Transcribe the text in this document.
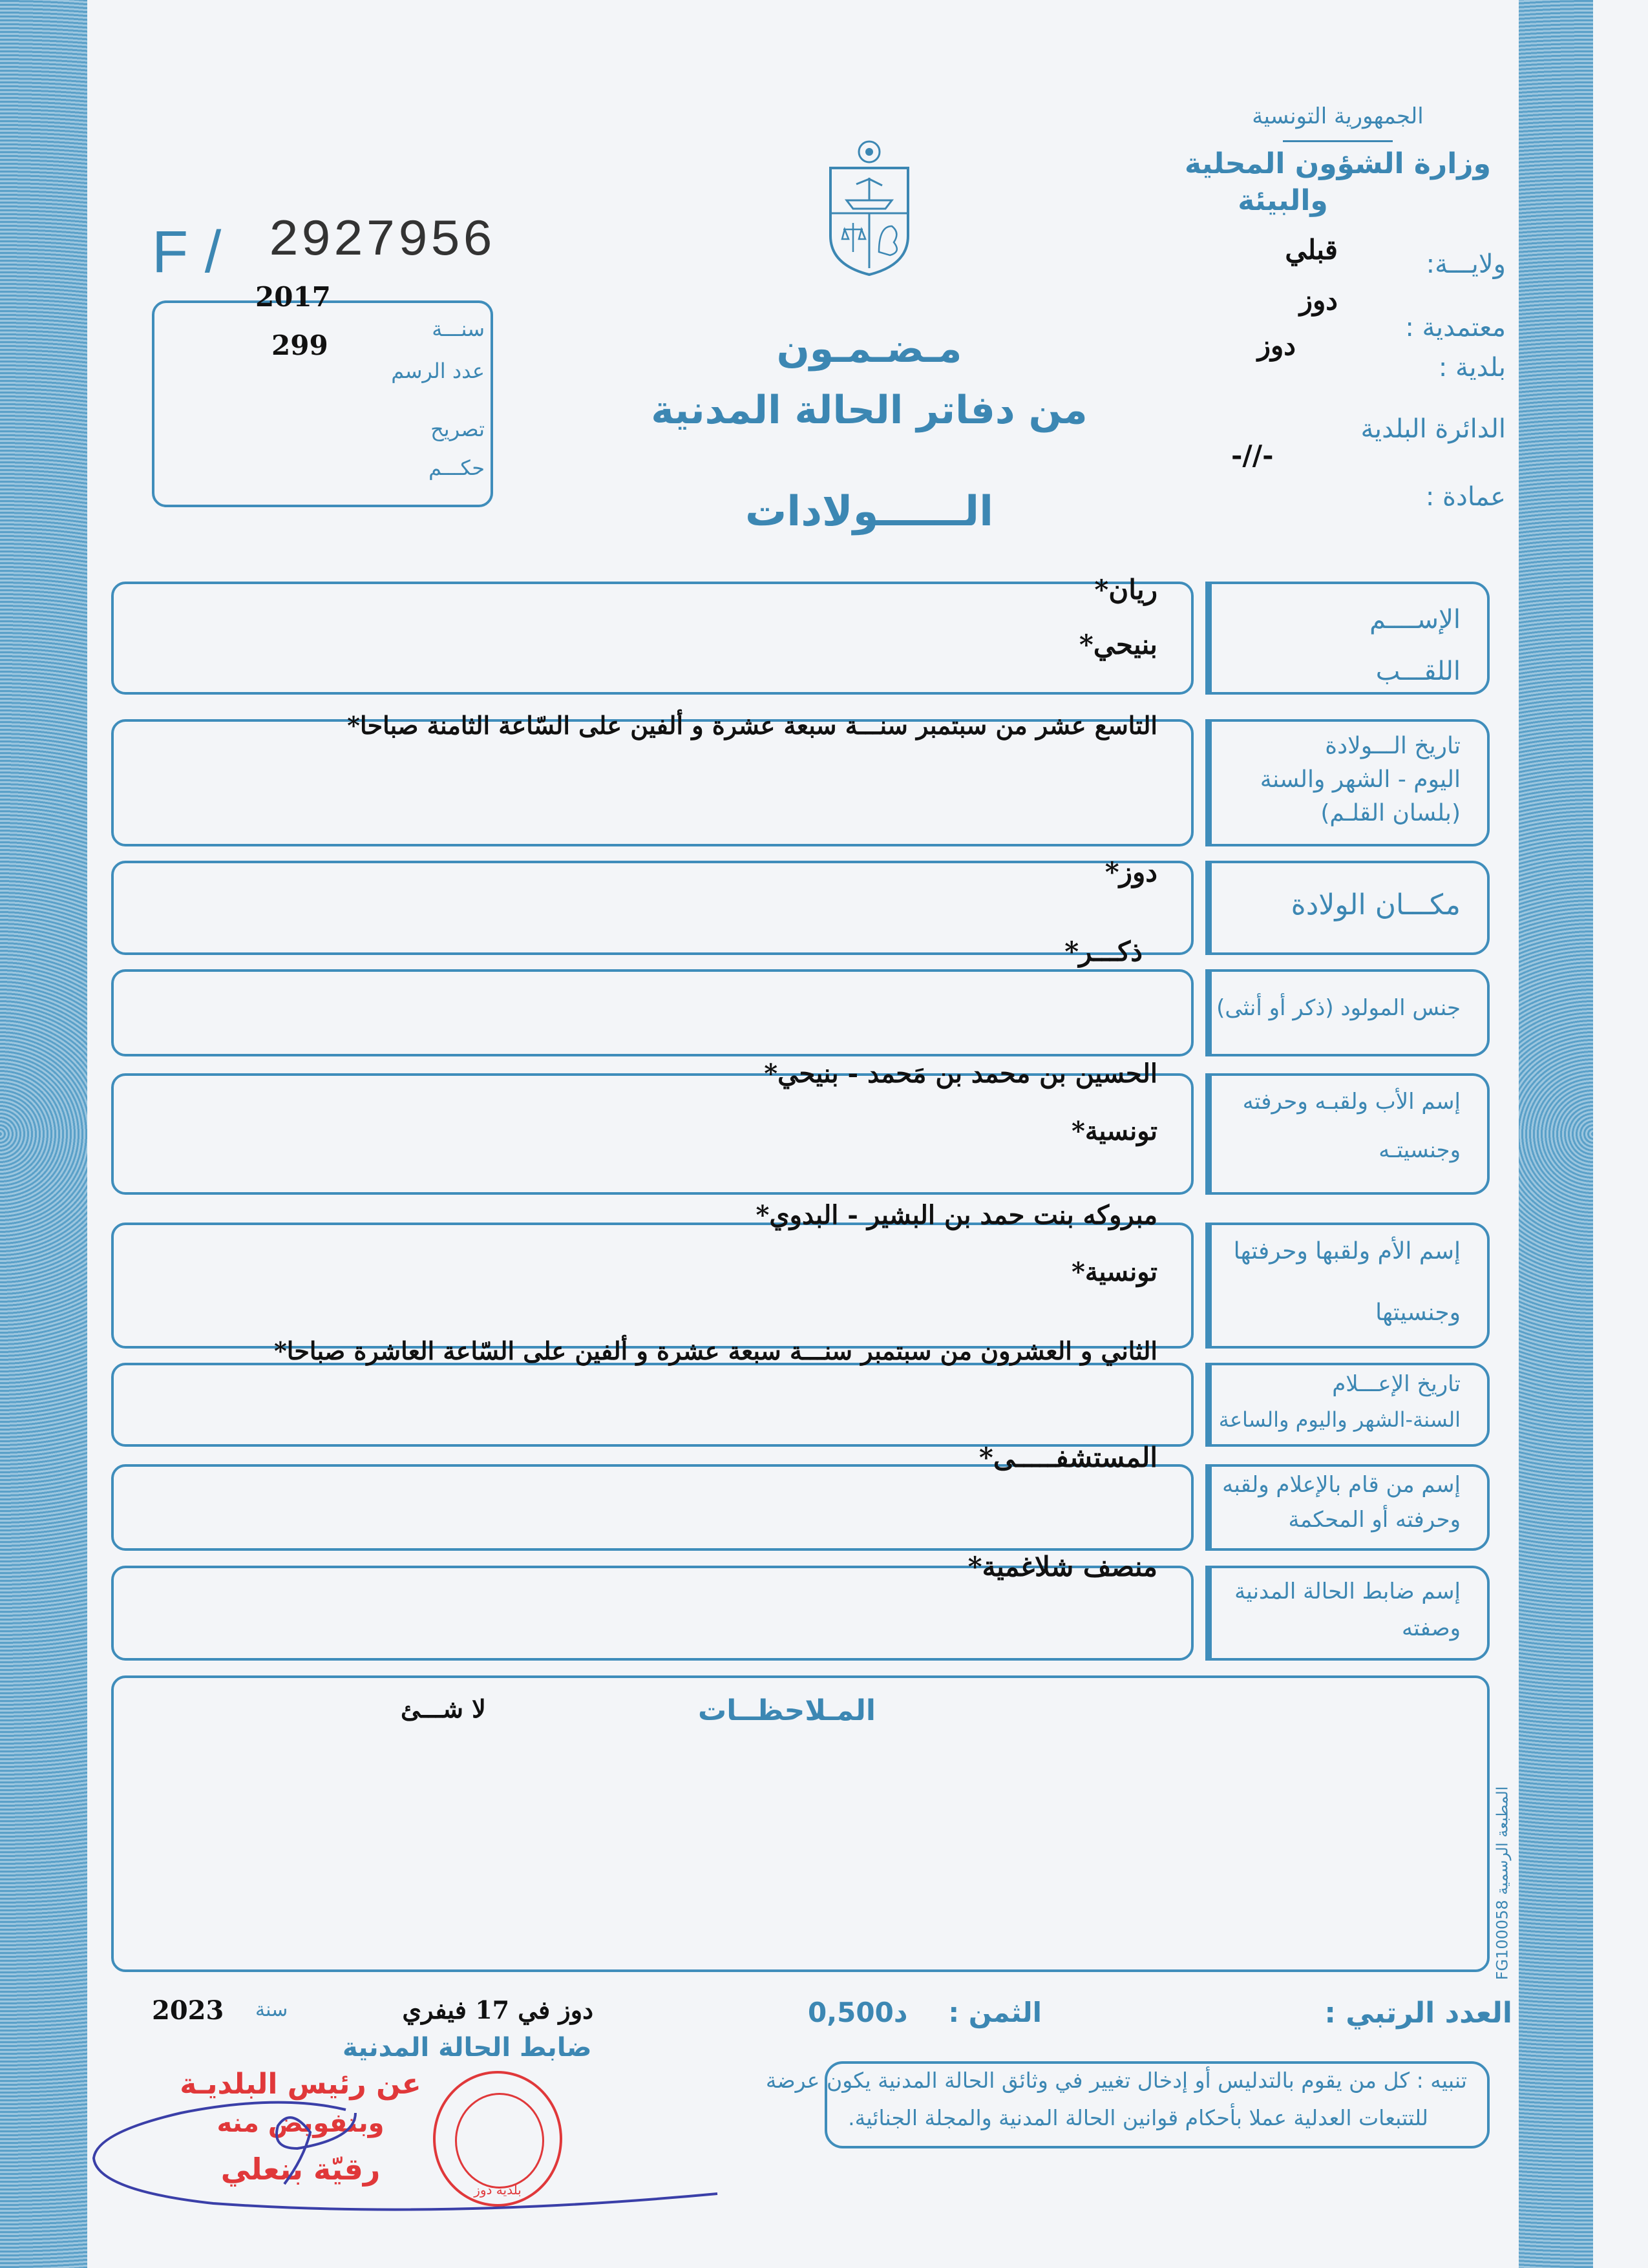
الجمهورية التونسية
وزارة الشؤون المحلية
والبيئة
ولايـــة:
قبلي
دوز
معتمدية :
دوز
بلدية :
الدائرة البلدية
-//-
عمادة :
F / 2927956
2017
299
سنـــة
عدد الرسم
تصريح
حكـــم
مـضـمـون
من دفاتر الحالة المدنية
الــــــولادات
الإســــم
اللقـــب
تاريخ الـــولادة
اليوم - الشهر والسنة
(بلسان القلـم)
مكـــان الولادة
جنس المولود (ذكر أو أنثى)
إسم الأب ولقبـه وحرفته
وجنسيتـه
إسم الأم ولقبها وحرفتها
وجنسيتها
تاريخ الإعـــلام
السنة-الشهر واليوم والساعة
إسم من قام بالإعلام ولقبه
وحرفته أو المحكمة
إسم ضابط الحالة المدنية
وصفته
ريان*
بنيحي*
التاسع عشر من سبتمبر سنـــة سبعة عشرة و ألفين على السّاعة الثامنة صباحا*
دوز*
ذكـــر*
الحسين بن محمد بن مَحمد - بنيحي*
تونسية*
مبروكه بنت حمد بن البشير - البدوي*
تونسية*
الثاني و العشرون من سبتمبر سنـــة سبعة عشرة و ألفين على السّاعة العاشرة صباحا*
المستشفـــــى*
منصف شلاغمية*
المـلاحظــات
لا شـــئ
المطبعة الرسمية FG100058
العدد الرتبي :
الثمن :
0,500د
دوز في 17 فيفري
سنة
2023
تنبيه : كل من يقوم بالتدليس أو إدخال تغيير في وثائق الحالة المدنية يكون عرضة
للتتبعات العدلية عملا بأحكام قوانين الحالة المدنية والمجلة الجنائية.
ضابط الحالة المدنية
عن رئيس البلديـة
وبتفويض منه
رقيّة بنعلي
بلدية دوز
